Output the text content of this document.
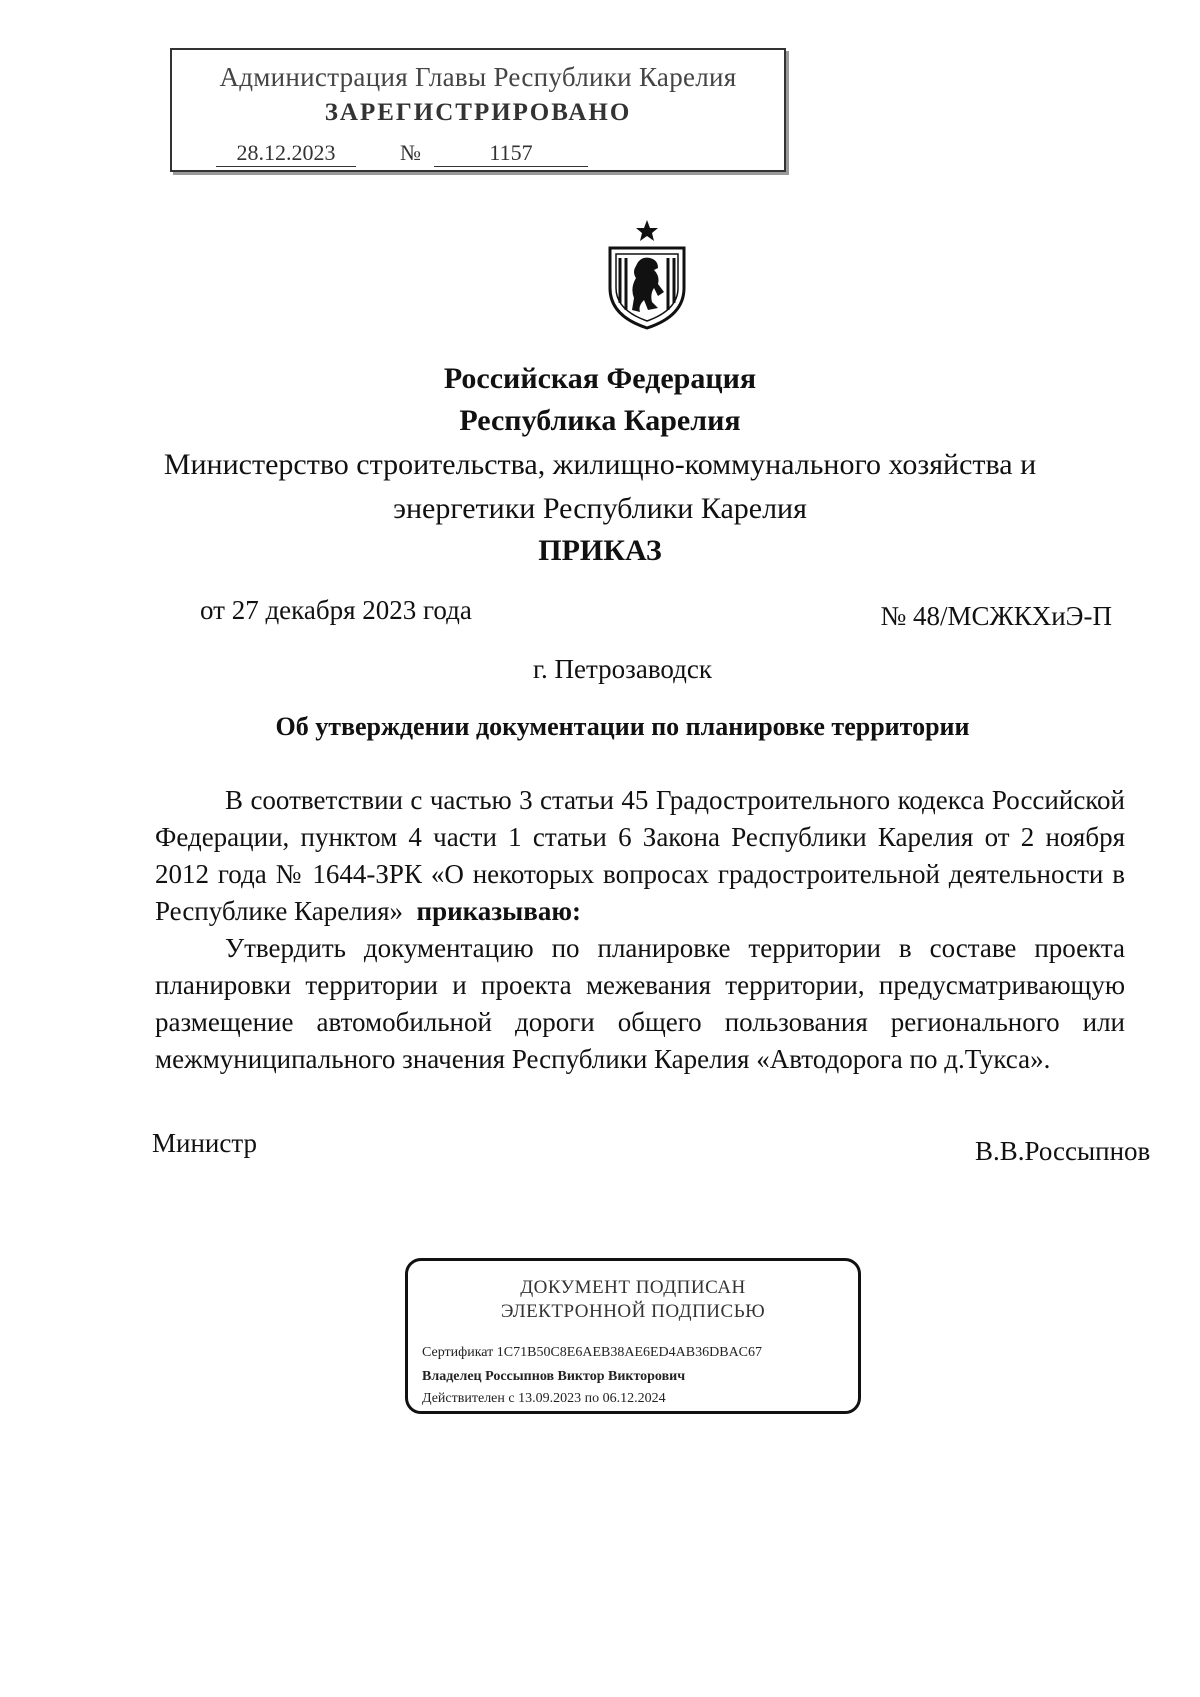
Администрация Главы Республики Карелия
ЗАРЕГИСТРИРОВАНО
28.12.2023	№	1157
Российская Федерация
Республика Карелия
Министерство строительства, жилищно-коммунального хозяйства и
энергетики Республики Карелия
ПРИКАЗ
от 27 декабря 2023 года	№ 48/МСЖКХиЭ-П
г. Петрозаводск
Об утверждении документации по планировке территории

В соответствии с частью 3 статьи 45 Градостроительного кодекса Российской Федерации, пунктом 4 части 1 статьи 6 Закона Республики Карелия от 2 ноября 2012 года № 1644-ЗРК «О некоторых вопросах градостроительной деятельности в Республике Карелия» приказываю:

Утвердить документацию по планировке территории в составе проекта планировки территории и проекта межевания территории, предусматривающую размещение автомобильной дороги общего пользования регионального или межмуниципального значения Республики Карелия «Автодорога по д.Тукса».

Министр	В.В.Россыпнов
ДОКУМЕНТ ПОДПИСАН
ЭЛЕКТРОННОЙ ПОДПИСЬЮ
Сертификат 1C71B50C8E6AEB38AE6ED4AB36DBAC67
Владелец Россыпнов Виктор Викторович
Действителен с 13.09.2023 по 06.12.2024
